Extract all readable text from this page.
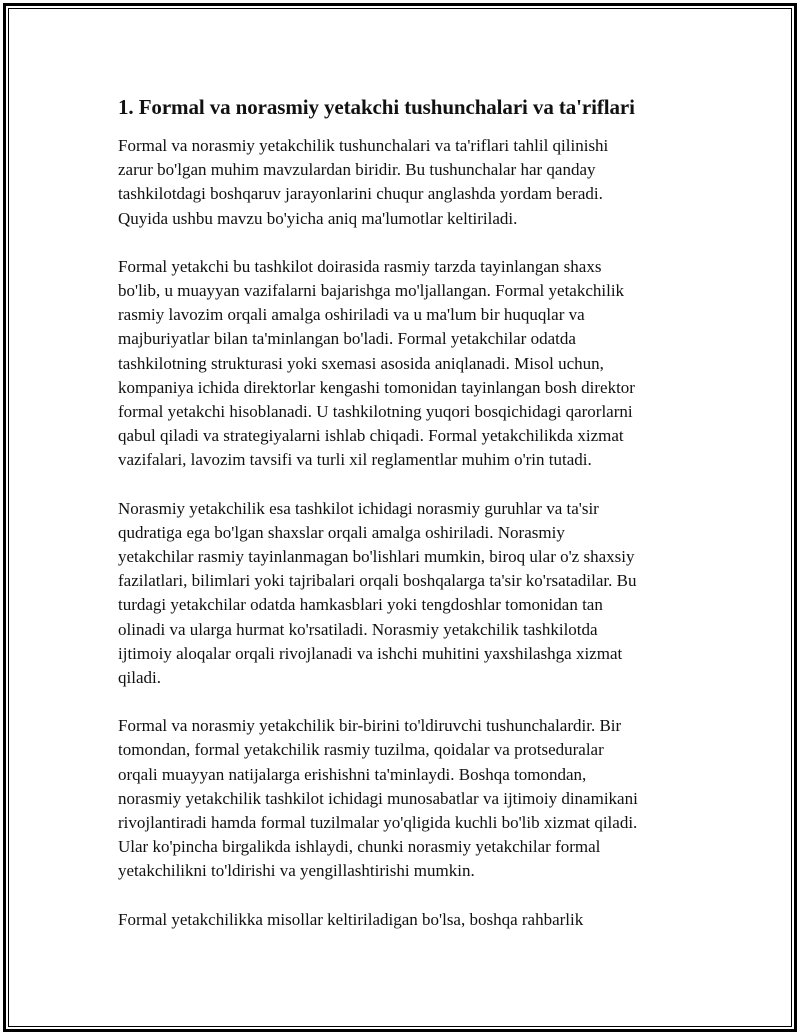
1. Formal va norasmiy yetakchi tushunchalari va ta'riflari

Formal va norasmiy yetakchilik tushunchalari va ta'riflari tahlil qilinishi
zarur bo'lgan muhim mavzulardan biridir. Bu tushunchalar har qanday
tashkilotdagi boshqaruv jarayonlarini chuqur anglashda yordam beradi.
Quyida ushbu mavzu bo'yicha aniq ma'lumotlar keltiriladi.

Formal yetakchi bu tashkilot doirasida rasmiy tarzda tayinlangan shaxs
bo'lib, u muayyan vazifalarni bajarishga mo'ljallangan. Formal yetakchilik
rasmiy lavozim orqali amalga oshiriladi va u ma'lum bir huquqlar va
majburiyatlar bilan ta'minlangan bo'ladi. Formal yetakchilar odatda
tashkilotning strukturasi yoki sxemasi asosida aniqlanadi. Misol uchun,
kompaniya ichida direktorlar kengashi tomonidan tayinlangan bosh direktor
formal yetakchi hisoblanadi. U tashkilotning yuqori bosqichidagi qarorlarni
qabul qiladi va strategiyalarni ishlab chiqadi. Formal yetakchilikda xizmat
vazifalari, lavozim tavsifi va turli xil reglamentlar muhim o'rin tutadi.

Norasmiy yetakchilik esa tashkilot ichidagi norasmiy guruhlar va ta'sir
qudratiga ega bo'lgan shaxslar orqali amalga oshiriladi. Norasmiy
yetakchilar rasmiy tayinlanmagan bo'lishlari mumkin, biroq ular o'z shaxsiy
fazilatlari, bilimlari yoki tajribalari orqali boshqalarga ta'sir ko'rsatadilar. Bu
turdagi yetakchilar odatda hamkasblari yoki tengdoshlar tomonidan tan
olinadi va ularga hurmat ko'rsatiladi. Norasmiy yetakchilik tashkilotda
ijtimoiy aloqalar orqali rivojlanadi va ishchi muhitini yaxshilashga xizmat
qiladi.

Formal va norasmiy yetakchilik bir-birini to'ldiruvchi tushunchalardir. Bir
tomondan, formal yetakchilik rasmiy tuzilma, qoidalar va protseduralar
orqali muayyan natijalarga erishishni ta'minlaydi. Boshqa tomondan,
norasmiy yetakchilik tashkilot ichidagi munosabatlar va ijtimoiy dinamikani
rivojlantiradi hamda formal tuzilmalar yo'qligida kuchli bo'lib xizmat qiladi.
Ular ko'pincha birgalikda ishlaydi, chunki norasmiy yetakchilar formal
yetakchilikni to'ldirishi va yengillashtirishi mumkin.

Formal yetakchilikka misollar keltiriladigan bo'lsa, boshqa rahbarlik
